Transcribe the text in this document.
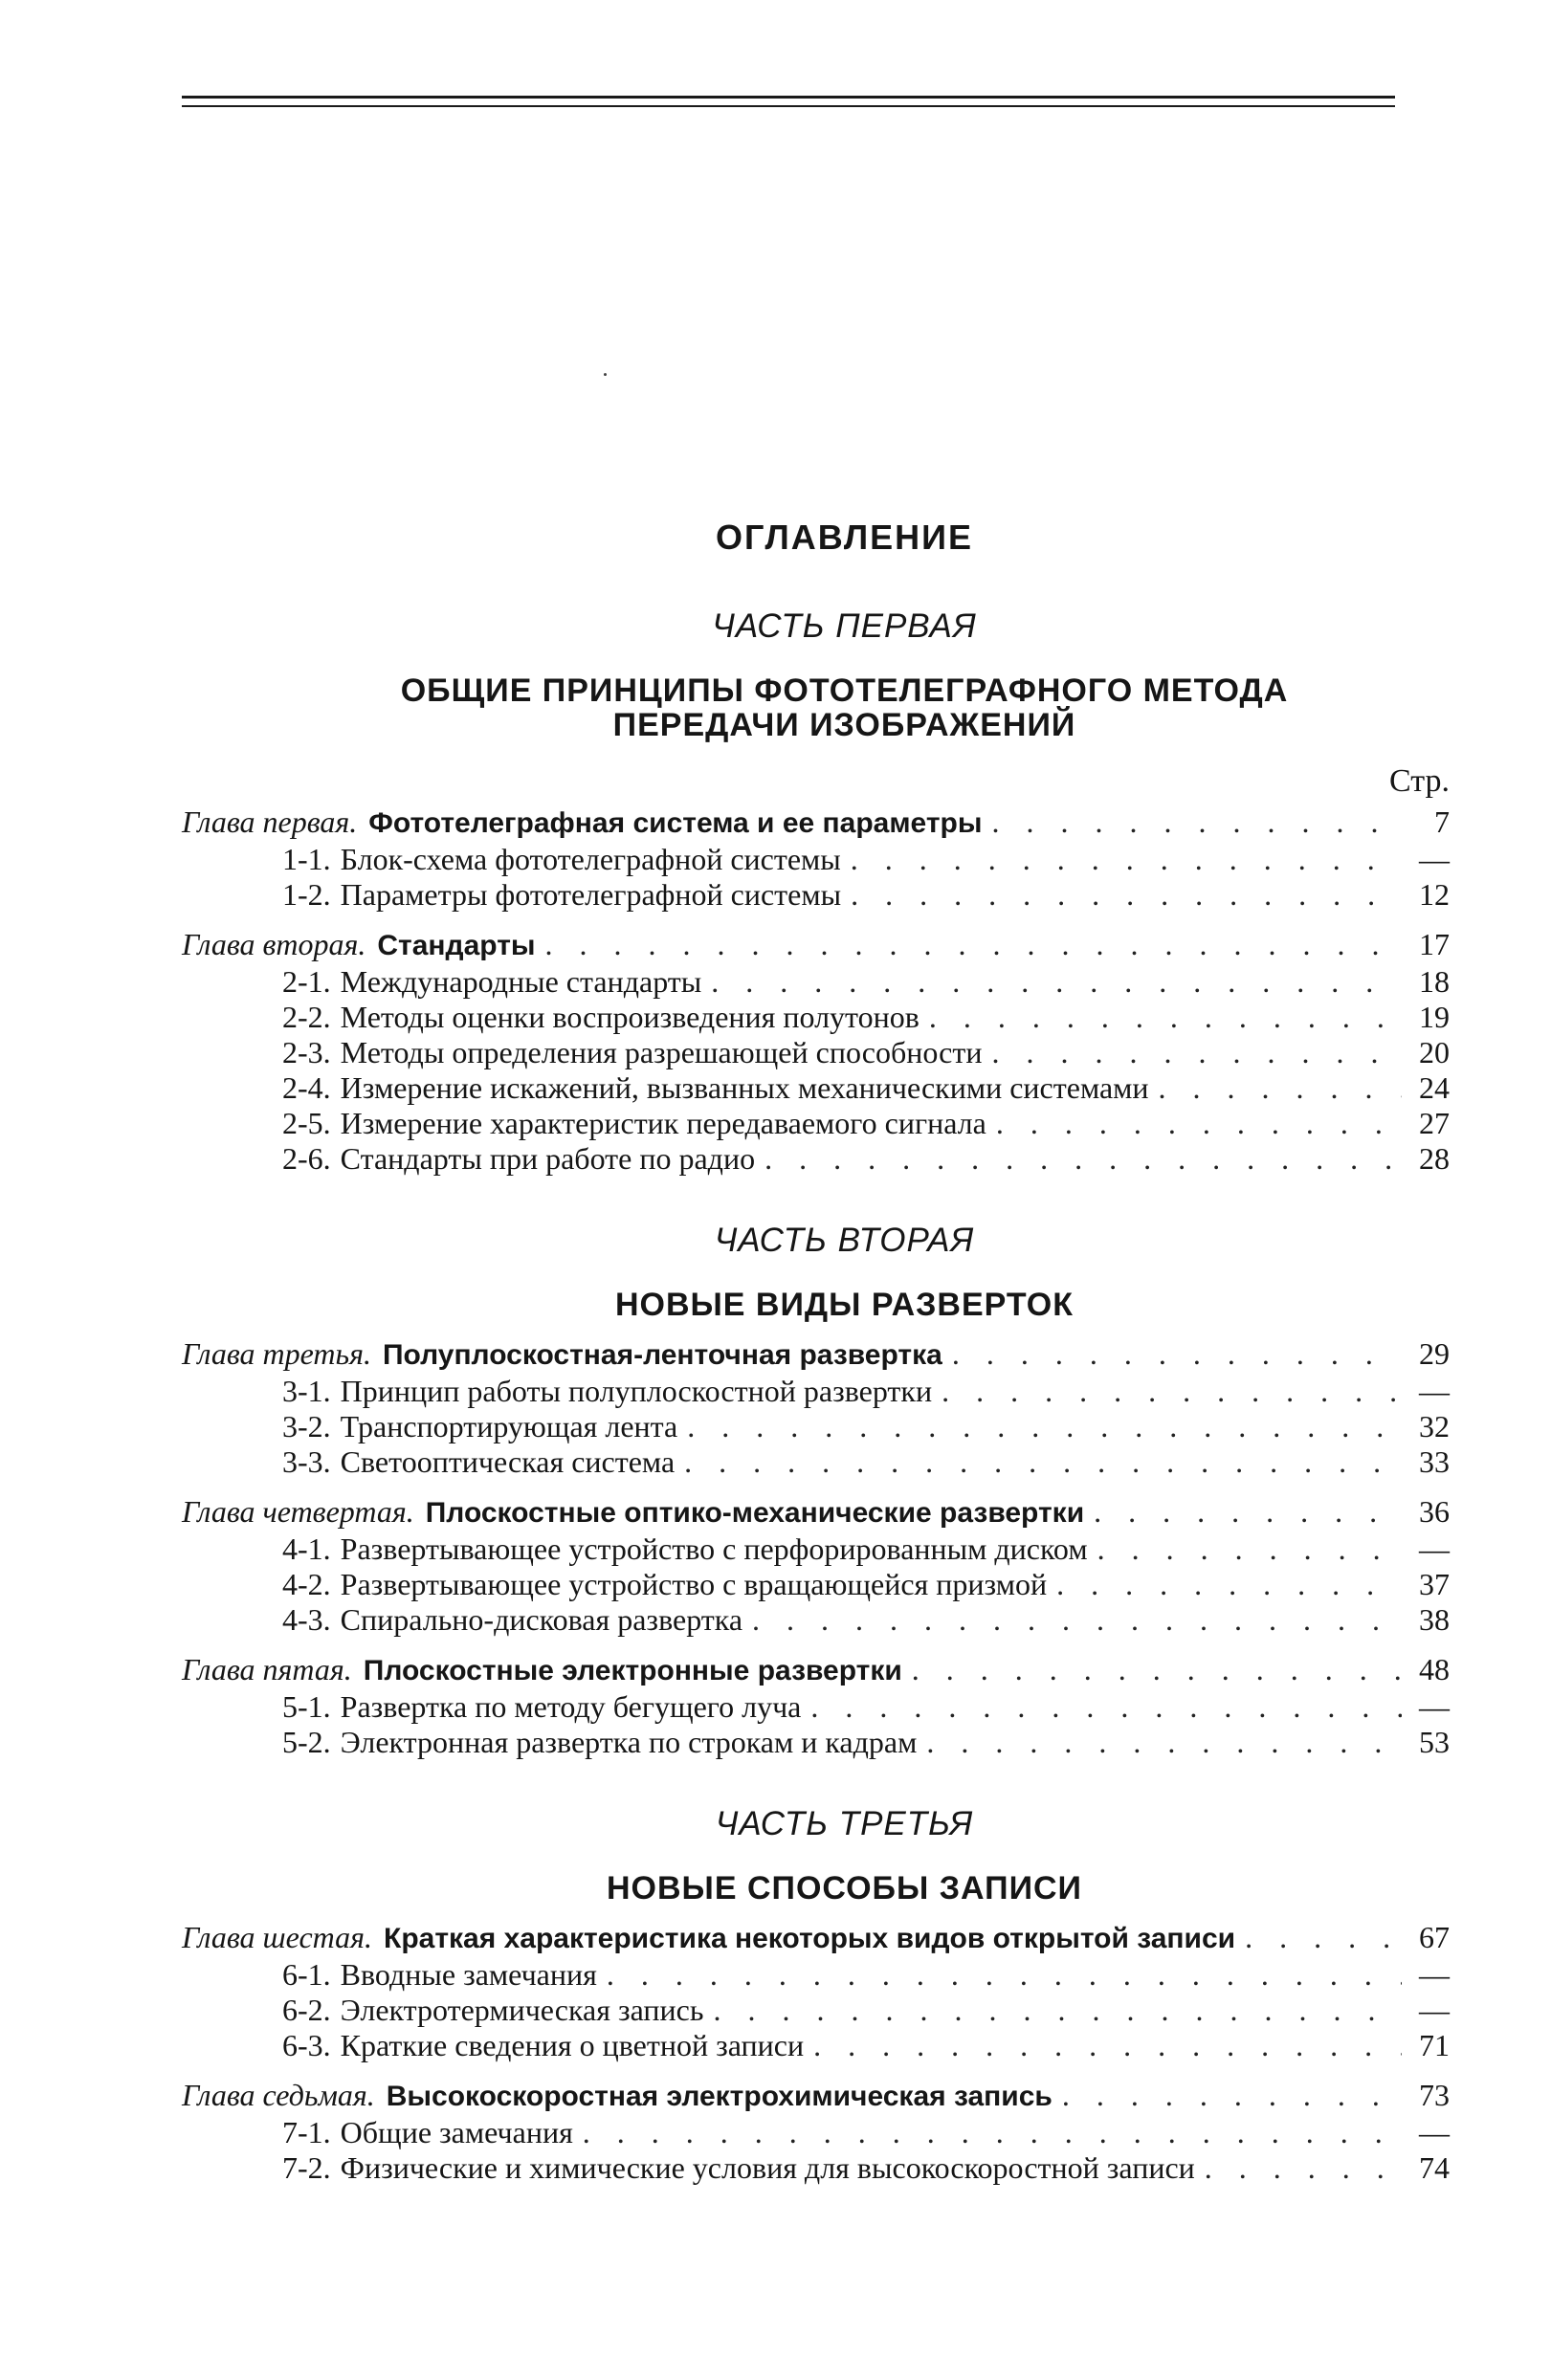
ОГЛАВЛЕНИЕ
ЧАСТЬ ПЕРВАЯ
ОБЩИЕ ПРИНЦИПЫ ФОТОТЕЛЕГРАФНОГО МЕТОДА
ПЕРЕДАЧИ ИЗОБРАЖЕНИЙ
Стр.
Глава первая. Фототелеграфная система и ее параметры . . .	7
1-1. Блок-схема фототелеграфной системы . . .	—
1-2. Параметры фототелеграфной системы . . .	12
Глава вторая. Стандарты . . .	17
2-1. Международные стандарты . . .	18
2-2. Методы оценки воспроизведения полутонов . . .	19
2-3. Методы определения разрешающей способности . . .	20
2-4. Измерение искажений, вызванных механическими системами . . .	24
2-5. Измерение характеристик передаваемого сигнала . . .	27
2-6. Стандарты при работе по радио . . .	28
ЧАСТЬ ВТОРАЯ
НОВЫЕ ВИДЫ РАЗВЕРТОК
Глава третья. Полуплоскостная-ленточная развертка . . .	29
3-1. Принцип работы полуплоскостной развертки . . .	—
3-2. Транспортирующая лента . . .	32
3-3. Светооптическая система . . .	33
Глава четвертая. Плоскостные оптико-механические развертки . . .	36
4-1. Развертывающее устройство с перфорированным диском . . .	—
4-2. Развертывающее устройство с вращающейся призмой . . .	37
4-3. Спирально-дисковая развертка . . .	38
Глава пятая. Плоскостные электронные развертки . . .	48
5-1. Развертка по методу бегущего луча . . .	—
5-2. Электронная развертка по строкам и кадрам . . .	53
ЧАСТЬ ТРЕТЬЯ
НОВЫЕ СПОСОБЫ ЗАПИСИ
Глава шестая. Краткая характеристика некоторых видов открытой записи . . .	67
6-1. Вводные замечания . . .	—
6-2. Электротермическая запись . . .	—
6-3. Краткие сведения о цветной записи . . .	71
Глава седьмая. Высокоскоростная электрохимическая запись . . .	73
7-1. Общие замечания . . .	—
7-2. Физические и химические условия для высокоскоростной записи . . .	74
